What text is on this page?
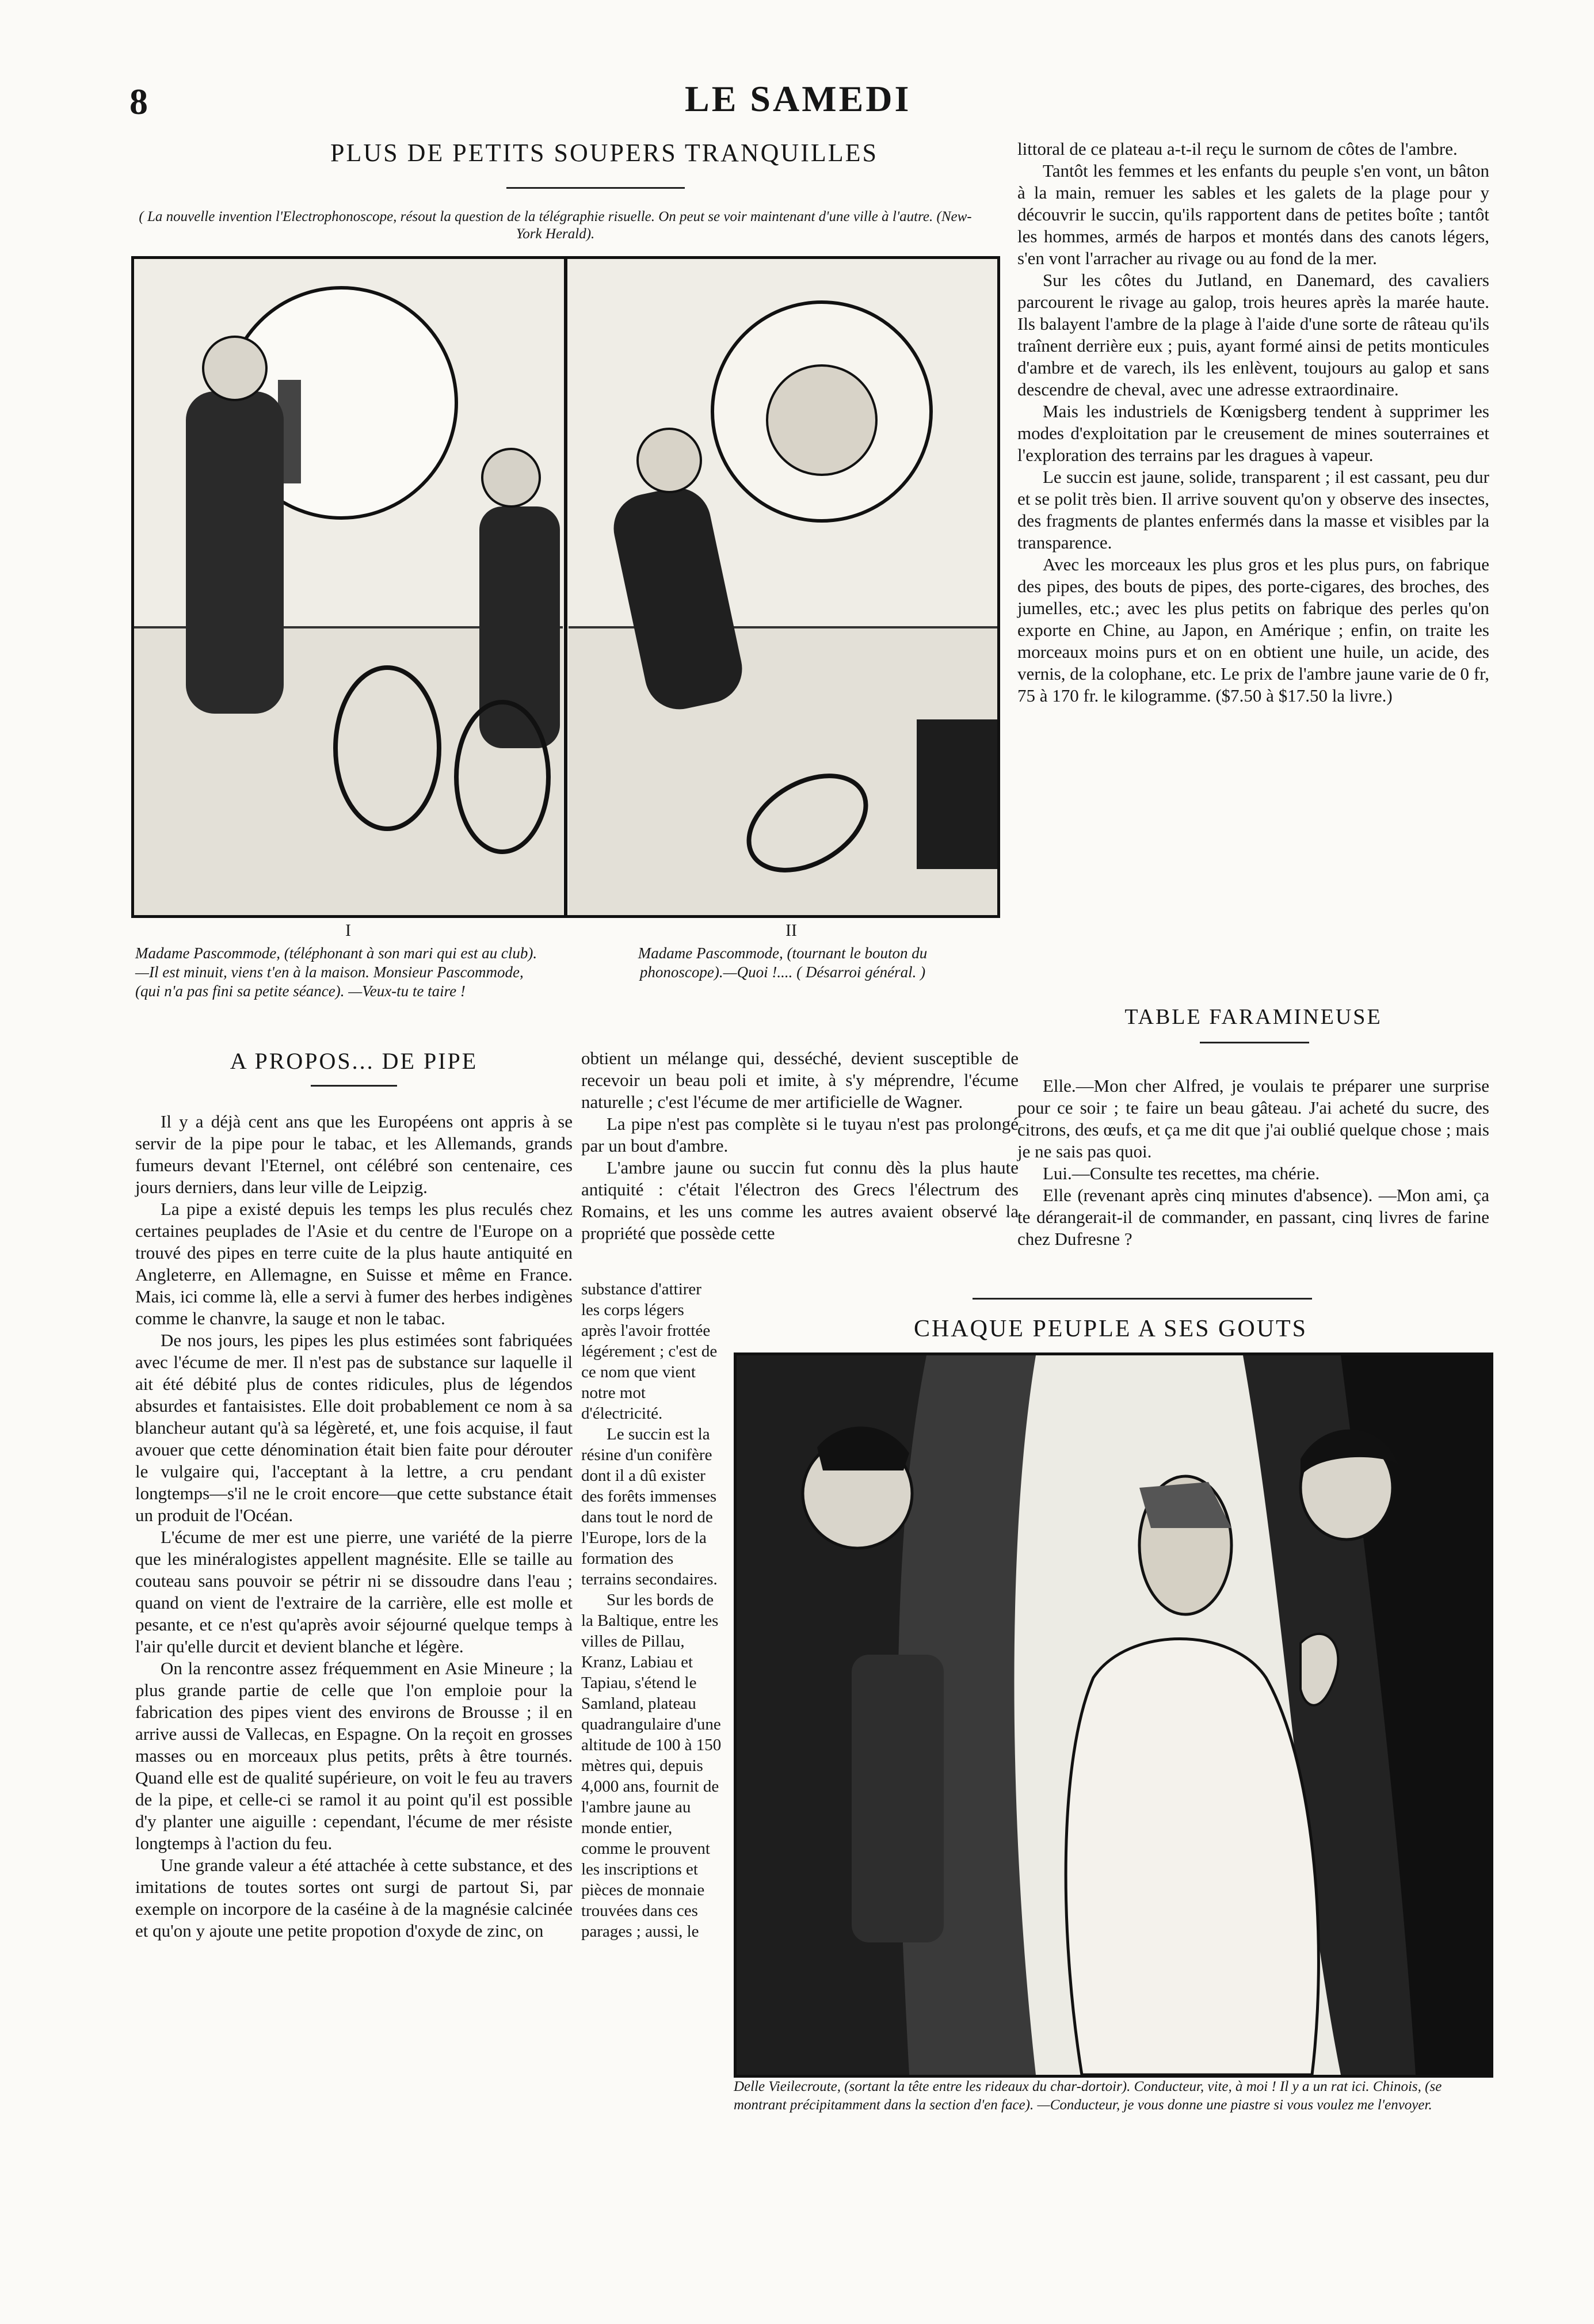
8	LE SAMEDI
PLUS DE PETITS SOUPERS TRANQUILLES
( La nouvelle invention l'Electrophonoscope, résout la question de la télégraphie risuelle. On peut se voir maintenant d'une ville à l'autre. (New-York Herald).
I	II
Madame Pascommode, (téléphonant à son mari qui est au club).—Il est minuit, viens t'en à la maison. Monsieur Pascommode, (qui n'a pas fini sa petite séance). —Veux-tu te taire !
Madame Pascommode, (tournant le bouton du phonoscope).—Quoi !.... ( Désarroi général. )

littoral de ce plateau a-t-il reçu le surnom de côtes de l'ambre.

Tantôt les femmes et les enfants du peuple s'en vont, un bâton à la main, remuer les sables et les galets de la plage pour y découvrir le succin, qu'ils rapportent dans de petites boîte ; tantôt les hommes, armés de harpos et montés dans des canots légers, s'en vont l'arracher au rivage ou au fond de la mer.

Sur les côtes du Jutland, en Danemard, des cavaliers parcourent le rivage au galop, trois heures après la marée haute. Ils balayent l'ambre de la plage à l'aide d'une sorte de râteau qu'ils traînent derrière eux ; puis, ayant formé ainsi de petits monticules d'ambre et de varech, ils les enlèvent, toujours au galop et sans descendre de cheval, avec une adresse extraordinaire.

Mais les industriels de Kœnigsberg tendent à supprimer les modes d'exploitation par le creusement de mines souterraines et l'exploration des terrains par les dragues à vapeur.

Le succin est jaune, solide, transparent ; il est cassant, peu dur et se polit très bien. Il arrive souvent qu'on y observe des insectes, des fragments de plantes enfermés dans la masse et visibles par la transparence.

Avec les morceaux les plus gros et les plus purs, on fabrique des pipes, des bouts de pipes, des porte-cigares, des broches, des jumelles, etc.; avec les plus petits on fabrique des perles qu'on exporte en Chine, au Japon, en Amérique ; enfin, on traite les morceaux moins purs et on en obtient une huile, un acide, des vernis, de la colophane, etc. Le prix de l'ambre jaune varie de 0 fr, 75 à 170 fr. le kilogramme. ($7.50 à $17.50 la livre.)

TABLE FARAMINEUSE

Elle.—Mon cher Alfred, je voulais te préparer une surprise pour ce soir ; te faire un beau gâteau. J'ai acheté du sucre, des citrons, des œufs, et ça me dit que j'ai oublié quelque chose ; mais je ne sais pas quoi.

Lui.—Consulte tes recettes, ma chérie.

Elle (revenant après cinq minutes d'absence). —Mon ami, ça te dérangerait-il de commander, en passant, cinq livres de farine chez Dufresne ?

A PROPOS... DE PIPE

Il y a déjà cent ans que les Européens ont appris à se servir de la pipe pour le tabac, et les Allemands, grands fumeurs devant l'Eternel, ont célébré son centenaire, ces jours derniers, dans leur ville de Leipzig.

La pipe a existé depuis les temps les plus reculés chez certaines peuplades de l'Asie et du centre de l'Europe on a trouvé des pipes en terre cuite de la plus haute antiquité en Angleterre, en Allemagne, en Suisse et même en France. Mais, ici comme là, elle a servi à fumer des herbes indigènes comme le chanvre, la sauge et non le tabac.

De nos jours, les pipes les plus estimées sont fabriquées avec l'écume de mer. Il n'est pas de substance sur laquelle il ait été débité plus de contes ridicules, plus de légendos absurdes et fantaisistes. Elle doit probablement ce nom à sa blancheur autant qu'à sa légèreté, et, une fois acquise, il faut avouer que cette dénomination était bien faite pour dérouter le vulgaire qui, l'acceptant à la lettre, a cru pendant longtemps—s'il ne le croit encore—que cette substance était un produit de l'Océan.

L'écume de mer est une pierre, une variété de la pierre que les minéralogistes appellent magnésite. Elle se taille au couteau sans pouvoir se pétrir ni se dissoudre dans l'eau ; quand on vient de l'extraire de la carrière, elle est molle et pesante, et ce n'est qu'après avoir séjourné quelque temps à l'air qu'elle durcit et devient blanche et légère.

On la rencontre assez fréquemment en Asie Mineure ; la plus grande partie de celle que l'on emploie pour la fabrication des pipes vient des environs de Brousse ; il en arrive aussi de Vallecas, en Espagne. On la reçoit en grosses masses ou en morceaux plus petits, prêts à être tournés. Quand elle est de qualité supérieure, on voit le feu au travers de la pipe, et celle-ci se ramol it au point qu'il est possible d'y planter une aiguille : cependant, l'écume de mer résiste longtemps à l'action du feu.

Une grande valeur a été attachée à cette substance, et des imitations de toutes sortes ont surgi de partout Si, par exemple on incorpore de la caséine à de la magnésie calcinée et qu'on y ajoute une petite propotion d'oxyde de zinc, on

obtient un mélange qui, desséché, devient susceptible de recevoir un beau poli et imite, à s'y méprendre, l'écume naturelle ; c'est l'écume de mer artificielle de Wagner.

La pipe n'est pas complète si le tuyau n'est pas prolongé par un bout d'ambre.

L'ambre jaune ou succin fut connu dès la plus haute antiquité : c'était l'électron des Grecs l'électrum des Romains, et les uns comme les autres avaient observé la propriété que possède cette

substance d'attirer les corps légers après l'avoir frottée légérement ; c'est de ce nom que vient notre mot d'électricité.

Le succin est la résine d'un conifère dont il a dû exister des forêts immenses dans tout le nord de l'Europe, lors de la formation des terrains secondaires.

Sur les bords de la Baltique, entre les villes de Pillau, Kranz, Labiau et Tapiau, s'étend le Samland, plateau quadrangulaire d'une altitude de 100 à 150 mètres qui, depuis 4,000 ans, fournit de l'ambre jaune au monde entier, comme le prouvent les inscriptions et pièces de monnaie trouvées dans ces parages ; aussi, le

CHAQUE PEUPLE A SES GOUTS
Delle Vieilecroute, (sortant la tête entre les rideaux du char-dortoir). Conducteur, vite, à moi ! Il y a un rat ici. Chinois, (se montrant précipitamment dans la section d'en face). —Conducteur, je vous donne une piastre si vous voulez me l'envoyer.
